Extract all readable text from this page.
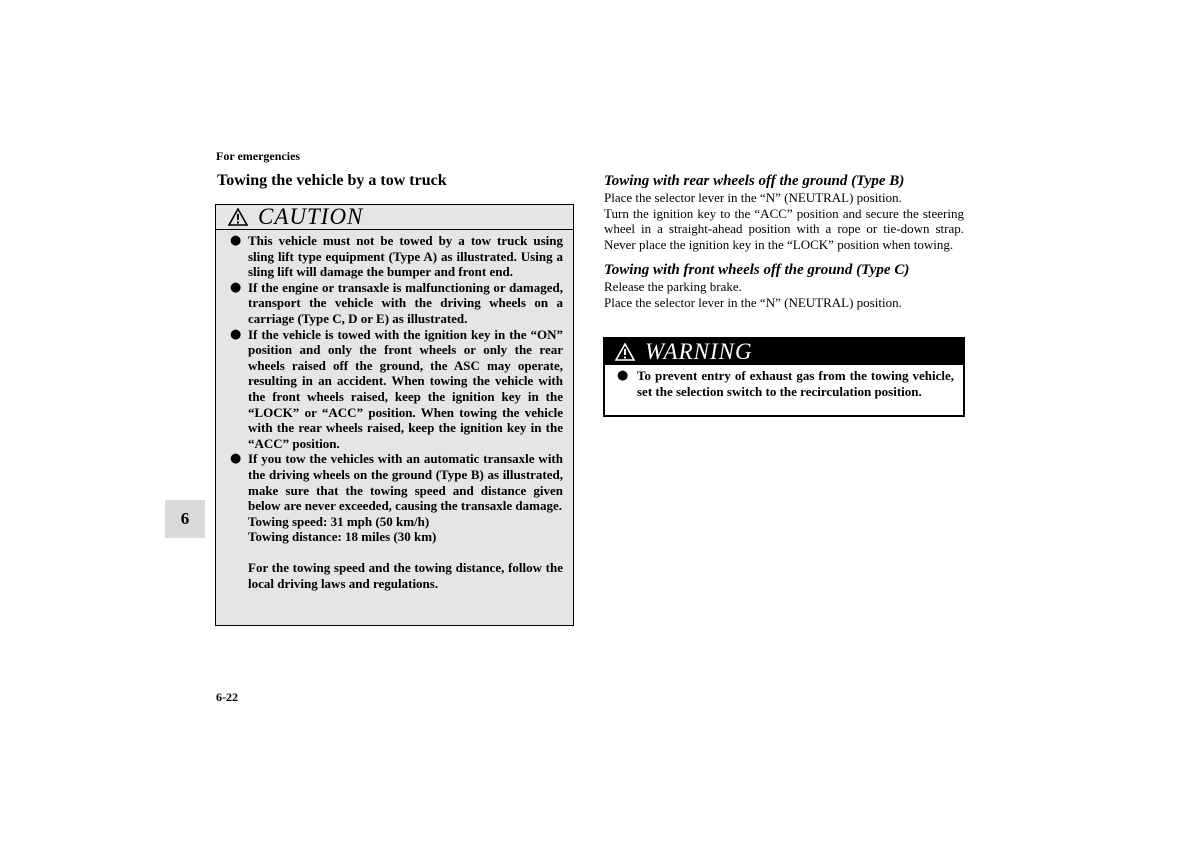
For emergencies
Towing the vehicle by a tow truck
CAUTION
● This vehicle must not be towed by a tow truck using sling lift type equipment (Type A) as illustrated. Using a sling lift will damage the bumper and front end.
● If the engine or transaxle is malfunctioning or damaged, transport the vehicle with the driving wheels on a carriage (Type C, D or E) as illustrated.
● If the vehicle is towed with the ignition key in the “ON” position and only the front wheels or only the rear wheels raised off the ground, the ASC may operate, resulting in an accident. When towing the vehicle with the front wheels raised, keep the ignition key in the “LOCK” or “ACC” position. When towing the vehicle with the rear wheels raised, keep the ignition key in the “ACC” position.
● If you tow the vehicles with an automatic transaxle with the driving wheels on the ground (Type B) as illustrated, make sure that the towing speed and distance given below are never exceeded, causing the transaxle damage.
Towing speed: 31 mph (50 km/h)
Towing distance: 18 miles (30 km)
For the towing speed and the towing distance, follow the local driving laws and regulations.
6
6-22
Towing with rear wheels off the ground (Type B)

Place the selector lever in the “N” (NEUTRAL) position.

Turn the ignition key to the “ACC” position and secure the steering wheel in a straight-ahead position with a rope or tie-down strap. Never place the ignition key in the “LOCK” position when towing.

Towing with front wheels off the ground (Type C)

Release the parking brake.

Place the selector lever in the “N” (NEUTRAL) position.

WARNING
● To prevent entry of exhaust gas from the towing vehicle, set the selection switch to the recirculation position.
